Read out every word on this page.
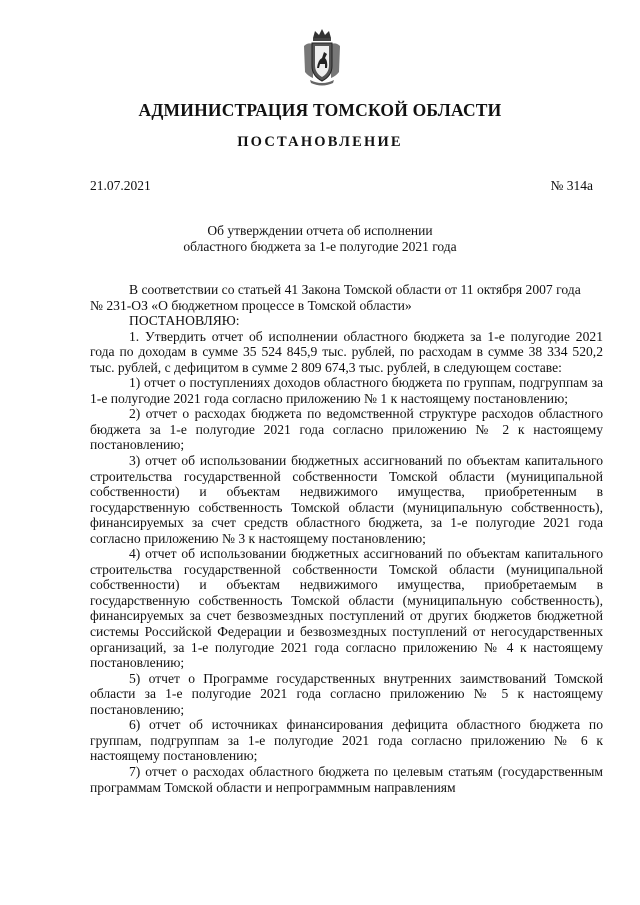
АДМИНИСТРАЦИЯ ТОМСКОЙ ОБЛАСТИ
ПОСТАНОВЛЕНИЕ
21.07.2021	№ 314а
Об утверждении отчета об исполнении
областного бюджета за 1-е полугодие 2021 года

В соответствии со статьей 41 Закона Томской области от 11 октября 2007 года

№ 231-ОЗ «О бюджетном процессе в Томской области»

ПОСТАНОВЛЯЮ:

1. Утвердить отчет об исполнении областного бюджета за 1-е полугодие 2021 года по доходам в сумме 35 524 845,9 тыс. рублей, по расходам в сумме 38 334 520,2 тыс. рублей, с дефицитом в сумме 2 809 674,3 тыс. рублей, в следующем составе:

1) отчет о поступлениях доходов областного бюджета по группам, подгруппам за 1-е полугодие 2021 года согласно приложению № 1 к настоящему постановлению;

2) отчет о расходах бюджета по ведомственной структуре расходов областного бюджета за 1-е полугодие 2021 года согласно приложению № 2 к настоящему постановлению;

3) отчет об использовании бюджетных ассигнований по объектам капитального строительства государственной собственности Томской области (муниципальной собственности) и объектам недвижимого имущества, приобретенным в государственную собственность Томской области (муниципальную собственность), финансируемых за счет средств областного бюджета, за 1-е полугодие 2021 года согласно приложению № 3 к настоящему постановлению;

4) отчет об использовании бюджетных ассигнований по объектам капитального строительства государственной собственности Томской области (муниципальной собственности) и объектам недвижимого имущества, приобретаемым в государственную собственность Томской области (муниципальную собственность), финансируемых за счет безвозмездных поступлений от других бюджетов бюджетной системы Российской Федерации и безвозмездных поступлений от негосударственных организаций, за 1-е полугодие 2021 года согласно приложению № 4 к настоящему постановлению;

5) отчет о Программе государственных внутренних заимствований Томской области за 1-е полугодие 2021 года согласно приложению № 5 к настоящему постановлению;

6) отчет об источниках финансирования дефицита областного бюджета по группам, подгруппам за 1-е полугодие 2021 года согласно приложению № 6 к настоящему постановлению;

7) отчет о расходах областного бюджета по целевым статьям (государственным программам Томской области и непрограммным направлениям
